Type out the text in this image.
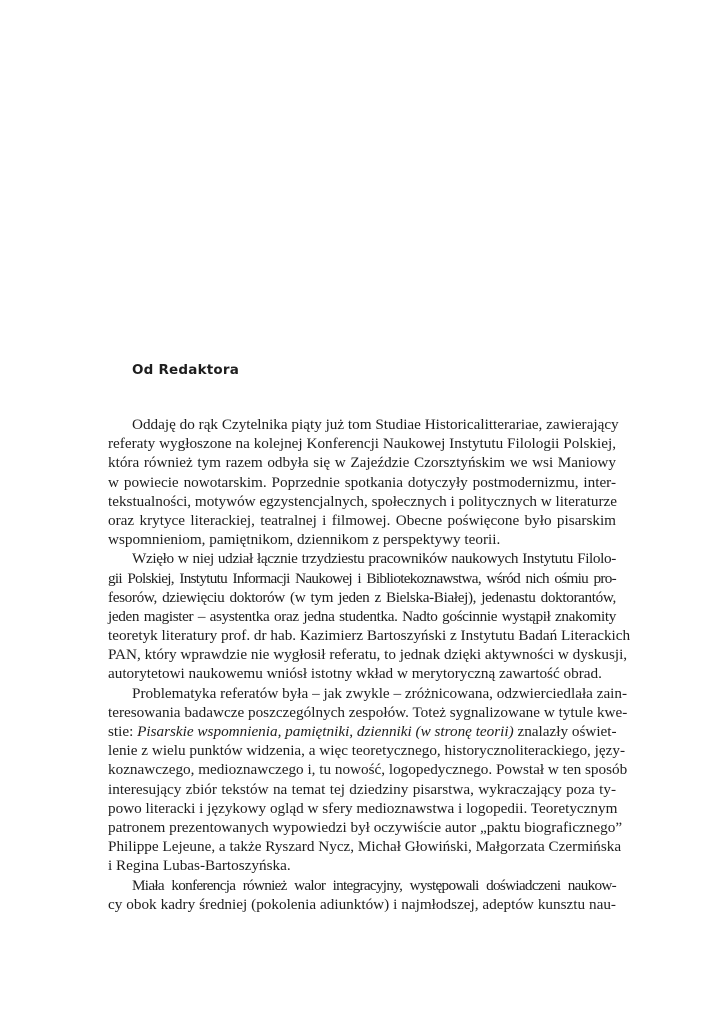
Od Redaktora

Oddaję do rąk Czytelnika piąty już tom Studiae Historicalitterariae, zawierający
referaty wygłoszone na kolejnej Konferencji Naukowej Instytutu Filologii Polskiej,
która również tym razem odbyła się w Zajeździe Czorsztyńskim we wsi Maniowy
w powiecie nowotarskim. Poprzednie spotkania dotyczyły postmodernizmu, inter-
tekstualności, motywów egzystencjalnych, społecznych i politycznych w literaturze
oraz krytyce literackiej, teatralnej i filmowej. Obecne poświęcone było pisarskim
wspomnieniom, pamiętnikom, dziennikom z perspektywy teorii.

Wzięło w niej udział łącznie trzydziestu pracowników naukowych Instytutu Filolo-
gii Polskiej, Instytutu Informacji Naukowej i Bibliotekoznawstwa, wśród nich ośmiu pro-
fesorów, dziewięciu doktorów (w tym jeden z Bielska-Białej), jedenastu doktorantów,
jeden magister – asystentka oraz jedna studentka. Nadto gościnnie wystąpił znakomity
teoretyk literatury prof. dr hab. Kazimierz Bartoszyński z Instytutu Badań Literackich
PAN, który wprawdzie nie wygłosił referatu, to jednak dzięki aktywności w dyskusji,
autorytetowi naukowemu wniósł istotny wkład w merytoryczną zawartość obrad.

Problematyka referatów była – jak zwykle – zróżnicowana, odzwierciedlała zain-
teresowania badawcze poszczególnych zespołów. Toteż sygnalizowane w tytule kwe-
stie: Pisarskie wspomnienia, pamiętniki, dzienniki (w stronę teorii) znalazły oświet-
lenie z wielu punktów widzenia, a więc teoretycznego, historycznoliterackiego, języ-
koznawczego, medioznawczego i, tu nowość, logopedycznego. Powstał w ten sposób
interesujący zbiór tekstów na temat tej dziedziny pisarstwa, wykraczający poza ty-
powo literacki i językowy ogląd w sfery medioznawstwa i logopedii. Teoretycznym
patronem prezentowanych wypowiedzi był oczywiście autor „paktu biograficznego”
Philippe Lejeune, a także Ryszard Nycz, Michał Głowiński, Małgorzata Czermińska
i Regina Lubas-Bartoszyńska.

Miała konferencja również walor integracyjny, występowali doświadczeni naukow-
cy obok kadry średniej (pokolenia adiunktów) i najmłodszej, adeptów kunsztu nau-
